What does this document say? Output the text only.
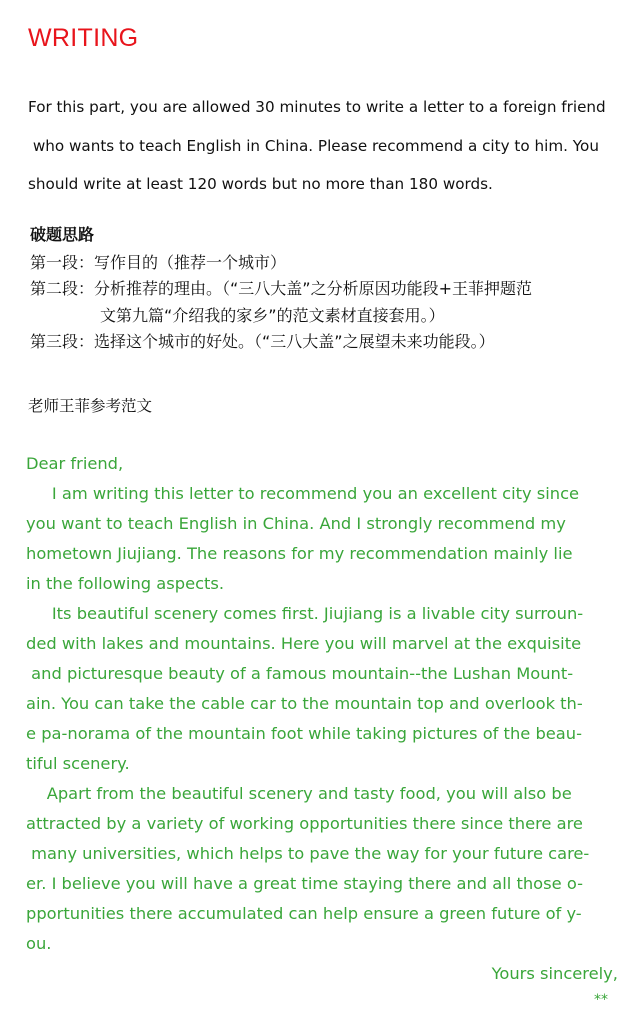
WRITING
For this part, you are allowed 30 minutes to write a letter to a foreign friend
who wants to teach English in China. Please recommend a city to him. You
should write at least 120 words but no more than 180 words.
破题思路
第一段：写作目的（推荐一个城市）
第二段：分析推荐的理由。（“三八大盖”之分析原因功能段+王菲押题范
文第九篇“介绍我的家乡”的范文素材直接套用。）
第三段：选择这个城市的好处。（“三八大盖”之展望未来功能段。）
老师王菲参考范文
Dear friend,
I am writing this letter to recommend you an excellent city since
you want to teach English in China. And I strongly recommend my
hometown Jiujiang. The reasons for my recommendation mainly lie
in the following aspects.
Its beautiful scenery comes first. Jiujiang is a livable city surroun-
ded with lakes and mountains. Here you will marvel at the exquisite
and picturesque beauty of a famous mountain--the Lushan Mount-
ain. You can take the cable car to the mountain top and overlook th-
e pa-norama of the mountain foot while taking pictures of the beau-
tiful scenery.
Apart from the beautiful scenery and tasty food, you will also be
attracted by a variety of working opportunities there since there are
many universities, which helps to pave the way for your future care-
er. I believe you will have a great time staying there and all those o-
pportunities there accumulated can help ensure a green future of y-
ou.
Yours sincerely,
**
